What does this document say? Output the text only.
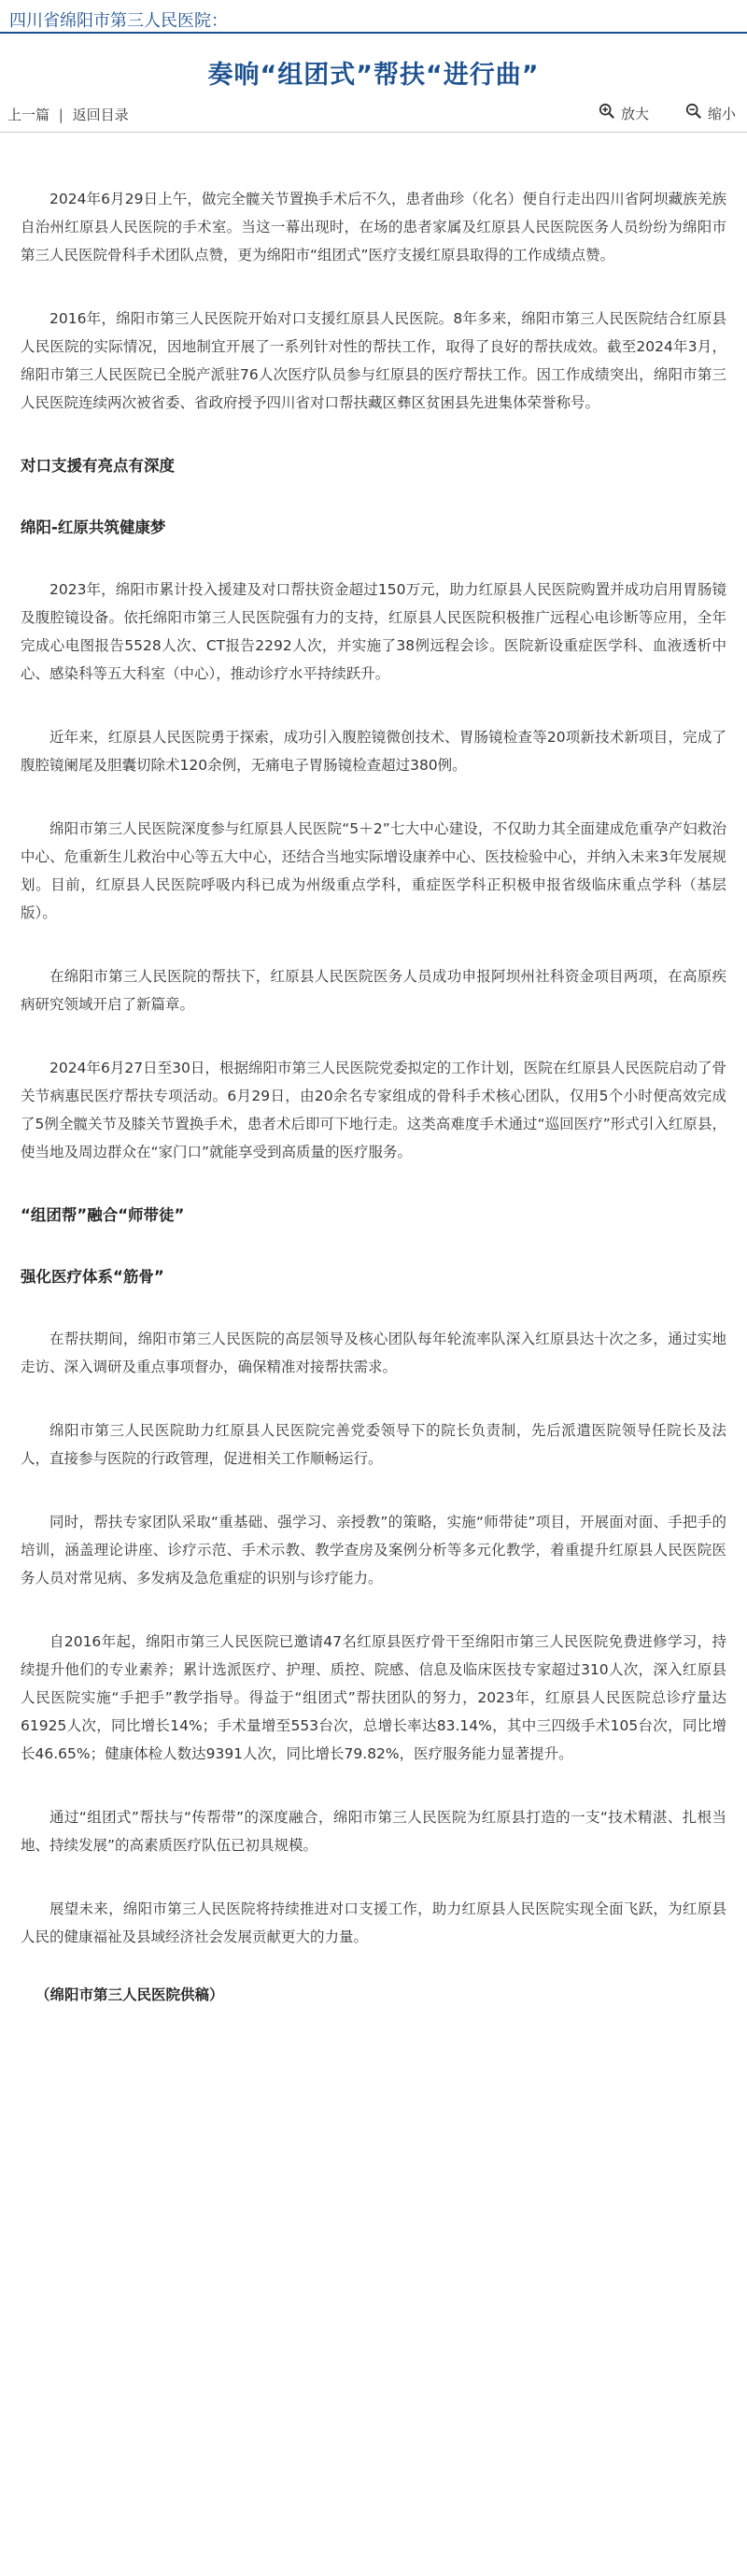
四川省绵阳市第三人民医院：
奏响“组团式”帮扶“进行曲”
上一篇 | 返回目录	放大	缩小

2024年6月29日上午，做完全髋关节置换手术后不久，患者曲珍（化名）便自行走出四川省阿坝藏族羌族自治州红原县人民医院的手术室。当这一幕出现时，在场的患者家属及红原县人民医院医务人员纷纷为绵阳市第三人民医院骨科手术团队点赞，更为绵阳市“组团式”医疗支援红原县取得的工作成绩点赞。

2016年，绵阳市第三人民医院开始对口支援红原县人民医院。8年多来，绵阳市第三人民医院结合红原县人民医院的实际情况，因地制宜开展了一系列针对性的帮扶工作，取得了良好的帮扶成效。截至2024年3月，绵阳市第三人民医院已全脱产派驻76人次医疗队员参与红原县的医疗帮扶工作。因工作成绩突出，绵阳市第三人民医院连续两次被省委、省政府授予四川省对口帮扶藏区彝区贫困县先进集体荣誉称号。

对口支援有亮点有深度
绵阳-红原共筑健康梦

2023年，绵阳市累计投入援建及对口帮扶资金超过150万元，助力红原县人民医院购置并成功启用胃肠镜及腹腔镜设备。依托绵阳市第三人民医院强有力的支持，红原县人民医院积极推广远程心电诊断等应用，全年完成心电图报告5528人次、CT报告2292人次，并实施了38例远程会诊。医院新设重症医学科、血液透析中心、感染科等五大科室（中心），推动诊疗水平持续跃升。

近年来，红原县人民医院勇于探索，成功引入腹腔镜微创技术、胃肠镜检查等20项新技术新项目，完成了腹腔镜阑尾及胆囊切除术120余例，无痛电子胃肠镜检查超过380例。

绵阳市第三人民医院深度参与红原县人民医院“5＋2”七大中心建设，不仅助力其全面建成危重孕产妇救治中心、危重新生儿救治中心等五大中心，还结合当地实际增设康养中心、医技检验中心，并纳入未来3年发展规划。目前，红原县人民医院呼吸内科已成为州级重点学科，重症医学科正积极申报省级临床重点学科（基层版）。

在绵阳市第三人民医院的帮扶下，红原县人民医院医务人员成功申报阿坝州社科资金项目两项，在高原疾病研究领域开启了新篇章。

2024年6月27日至30日，根据绵阳市第三人民医院党委拟定的工作计划，医院在红原县人民医院启动了骨关节病惠民医疗帮扶专项活动。6月29日，由20余名专家组成的骨科手术核心团队，仅用5个小时便高效完成了5例全髋关节及膝关节置换手术，患者术后即可下地行走。这类高难度手术通过“巡回医疗”形式引入红原县，使当地及周边群众在“家门口”就能享受到高质量的医疗服务。

“组团帮”融合“师带徒”
强化医疗体系“筋骨”

在帮扶期间，绵阳市第三人民医院的高层领导及核心团队每年轮流率队深入红原县达十次之多，通过实地走访、深入调研及重点事项督办，确保精准对接帮扶需求。

绵阳市第三人民医院助力红原县人民医院完善党委领导下的院长负责制，先后派遣医院领导任院长及法人，直接参与医院的行政管理，促进相关工作顺畅运行。

同时，帮扶专家团队采取“重基础、强学习、亲授教”的策略，实施“师带徒”项目，开展面对面、手把手的培训，涵盖理论讲座、诊疗示范、手术示教、教学查房及案例分析等多元化教学，着重提升红原县人民医院医务人员对常见病、多发病及急危重症的识别与诊疗能力。

自2016年起，绵阳市第三人民医院已邀请47名红原县医疗骨干至绵阳市第三人民医院免费进修学习，持续提升他们的专业素养；累计选派医疗、护理、质控、院感、信息及临床医技专家超过310人次，深入红原县人民医院实施“手把手”教学指导。得益于“组团式”帮扶团队的努力，2023年，红原县人民医院总诊疗量达61925人次，同比增长14%；手术量增至553台次，总增长率达83.14%，其中三四级手术105台次，同比增长46.65%；健康体检人数达9391人次，同比增长79.82%，医疗服务能力显著提升。

通过“组团式”帮扶与“传帮带”的深度融合，绵阳市第三人民医院为红原县打造的一支“技术精湛、扎根当地、持续发展”的高素质医疗队伍已初具规模。

展望未来，绵阳市第三人民医院将持续推进对口支援工作，助力红原县人民医院实现全面飞跃，为红原县人民的健康福祉及县域经济社会发展贡献更大的力量。

（绵阳市第三人民医院供稿）
